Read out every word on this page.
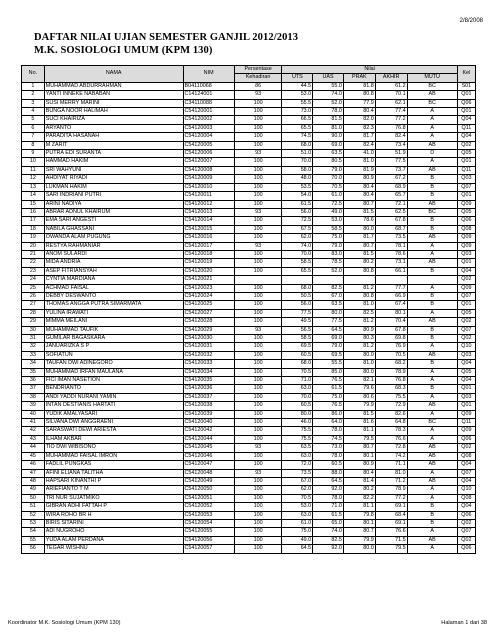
2/8/2008
DAFTAR NILAI UJIAN SEMESTER GANJIL 2012/2013
M.K. SOSIOLOGI UMUM (KPM 130)
No.	NAMA	NIM	Persentase	Nilai					Kel
			Kehadiran	UTS	UAS	PRAK	AKHIR	MUTU	

1	MUHAMMAD ABDURRAHMAN	B04110068	86	44.5	55.0	81.8	61.2	BC	S01
2	YANTI INNEKE NABABAN	C14124001	93	53.0	74.0	80.8	70.1	AB	Q01
3	SUSI MERRY MARINI	C34110088	100	55.5	52.0	77.9	62.1	BC	Q06
4	BUNGA NOOR HALIMAH	C54120001	100	73.0	78.0	80.4	77.4	A	Q01
5	SUCI KHAIRIZA	C54120002	100	66.5	81.5	82.0	77.2	A	Q04
6	ARYANTO	C54120003	100	65.5	81.0	82.3	76.8	A	Q11
7	PARADITA HASANAH	C54120004	100	74.5	90.0	81.7	82.4	A	Q04
8	M ZARIT	C54120005	100	68.0	69.0	82.4	73.4	AB	Q02
9	PUTRA EDI SURANTA	C54120006	93	51.0	63.5	41.0	51.9	D	Q05
10	HAMMAD HAKIM	C54120007	100	70.0	80.5	81.0	77.5	A	Q01
11	SRI WAHYUNI	C54120008	100	58.0	79.0	81.9	73.7	AB	Q11
12	AHDIYAT RIYADI	C54120009	100	48.0	70.0	80.9	67.2	B	Q03
13	LUKMAN HAKIM	C54120010	100	53.5	70.5	80.4	68.9	B	Q07
14	SARI INDRIANI PUTRI	C54120011	100	54.0	61.0	80.4	65.7	B	Q01
15	ARINI NADIYA	C54120012	100	61.5	72.5	80.7	72.1	AB	Q09
16	ABRAR ADNUL KHAIRUM	C54120013	93	56.0	49.0	81.5	62.5	BC	Q05
17	EMA SARI ANGESTI	C54120014	100	72.5	53.0	78.6	67.8	B	Q06
18	NABILA GHASSANI	C54120015	100	67.5	58.5	80.0	68.7	B	Q08
19	OWANDA ALAM PUGUNG	C54120016	100	62.0	75.0	81.7	73.5	AB	Q09
20	RESTYA RAHMANIAR	C54120017	93	74.0	79.0	80.7	78.1	A	Q09
21	ANOM SULARDI	C54120018	100	70.0	83.0	81.5	78.6	A	Q03
22	MIDA ANDRIA	C54120019	100	58.5	78.5	80.2	73.1	AB	Q01
23	ASEP FITRIANSYAH	C54120020	100	65.5	52.0	80.8	66.1	B	Q04
24	CYNTIA MARDIANA	C54120021							Q02
25	ACHMAD FAISAL	C54120023	100	68.0	82.5	81.2	77.7	A	Q09
26	DEBBY DESWANTO	C54120024	100	50.5	67.0	80.8	66.9	B	Q07
27	THOMAS ANGGA PUTRA SIMARMATA	C54120025	100	56.0	63.5	81.0	67.4	B	Q01
28	YULINA IRAWATI	C54120027	100	77.5	80.0	82.5	80.1	A	Q05
29	MIMMA MEILANI	C54120028	100	49.5	77.5	81.2	70.4	AB	Q02
30	MUHAMMAD TAUFIK	C54120029	93	56.5	64.5	80.9	67.8	B	Q07
31	GUMILAR BAGASKARA	C54120030	100	58.5	69.0	80.3	69.8	B	Q02
32	JANUARIZKA S P	C54120031	100	69.5	79.0	81.2	76.9	A	Q10
33	SOFIATUN	C54120032	100	60.5	69.5	80.0	70.5	AB	Q03
34	TAUFAN DWI ADINEGORO	C54120033	100	68.0	55.5	81.0	68.2	B	Q04
35	MUHAMMAD IRFAN MAULANA	C54120034	100	70.5	85.0	80.0	78.9	A	Q05
36	FICI IMAN NASETION	C54120035	100	71.0	76.5	82.1	76.8	A	Q04
37	BENDRIANTO	C54120036	100	63.0	61.5	79.6	68.3	B	Q01
38	ANDI YADDI NURANI YAMIN	C54120037	100	70.0	75.0	80.6	75.5	A	Q03
39	INTAN DESTIANIS HARTATI	C54120038	100	60.5	76.5	79.9	72.9	AB	Q01
40	YUDIK AMALYASARI	C54120039	100	80.0	86.0	81.5	82.6	A	Q09
41	SILVANA DWI ANGGRAENI	C54120040	100	46.0	64.0	81.6	64.8	BC	Q11
42	SARASWATI DEWI ARIESTA	C54120042	100	75.5	78.0	81.1	78.3	A	Q09
43	ILHAM AKBAR	C54120044	100	75.5	74.5	79.5	76.6	A	Q06
44	TIO DWI WIBISONO	C54120045	93	63.5	73.0	80.7	72.8	AB	Q02
45	MUHAMMAD FAISAL IMRON	C54120046	100	63.0	78.0	80.1	74.2	AB	Q08
46	FADLIL PUNGKAS	C54120047	100	72.0	60.5	80.9	71.1	AB	Q04
47	AFINI ELIANA TALITHA	C54120048	93	73.5	88.0	80.4	81.0	A	Q07
48	HAPSARI KINANTHI P	C54120049	100	67.0	64.5	81.4	71.2	AB	Q04
49	ARIEFIANTO T M	C54120050	100	62.0	92.0	80.2	78.9	A	Q10
50	TRI NUR SUJATMIKO	C54120051	100	70.5	78.0	82.2	77.2	A	Q08
51	GIBRAN ADHI FATTAH P	C54120052	100	53.0	71.0	81.1	69.1	B	Q04
52	WIRA ROHO BR H	C54120053	100	63.0	61.5	79.8	68.4	B	Q06
53	BIRIS SITARINI	C54120054	100	61.0	65.0	80.1	69.1	B	Q02
54	ADI NUGROHO	C54120055	100	75.0	74.0	80.7	76.6	A	Q07
55	YUDA ALAM PERDANA	C54120056	100	49.0	82.5	79.9	71.5	AB	Q02
56	TEGAR WISHNU	C54120057	100	64.5	92.0	80.0	79.5	A	Q06
Koordinator M.K. Sosiologi Umum (KPM 130)	Halaman 1 dari 38
